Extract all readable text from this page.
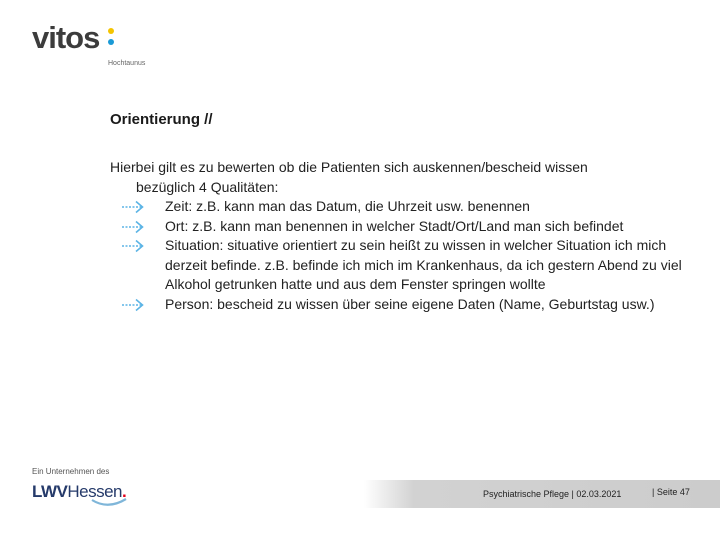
vitos
Hochtaunus
Orientierung //
Hierbei gilt es zu bewerten ob die Patienten sich auskennen/bescheid wissen
bezüglich 4 Qualitäten:
Zeit: z.B. kann man das Datum, die Uhrzeit usw. benennen
Ort: z.B. kann man benennen in welcher Stadt/Ort/Land man sich befindet
Situation: situative orientiert zu sein heißt zu wissen in welcher Situation ich mich derzeit befinde. z.B. befinde ich mich im Krankenhaus, da ich gestern Abend zu viel Alkohol getrunken hatte und aus dem Fenster springen wollte
Person: bescheid zu wissen über seine eigene Daten (Name, Geburtstag usw.)
Ein Unternehmen des
LWVHessen.	Psychiatrische Pflege | 02.03.2021	| Seite 47
